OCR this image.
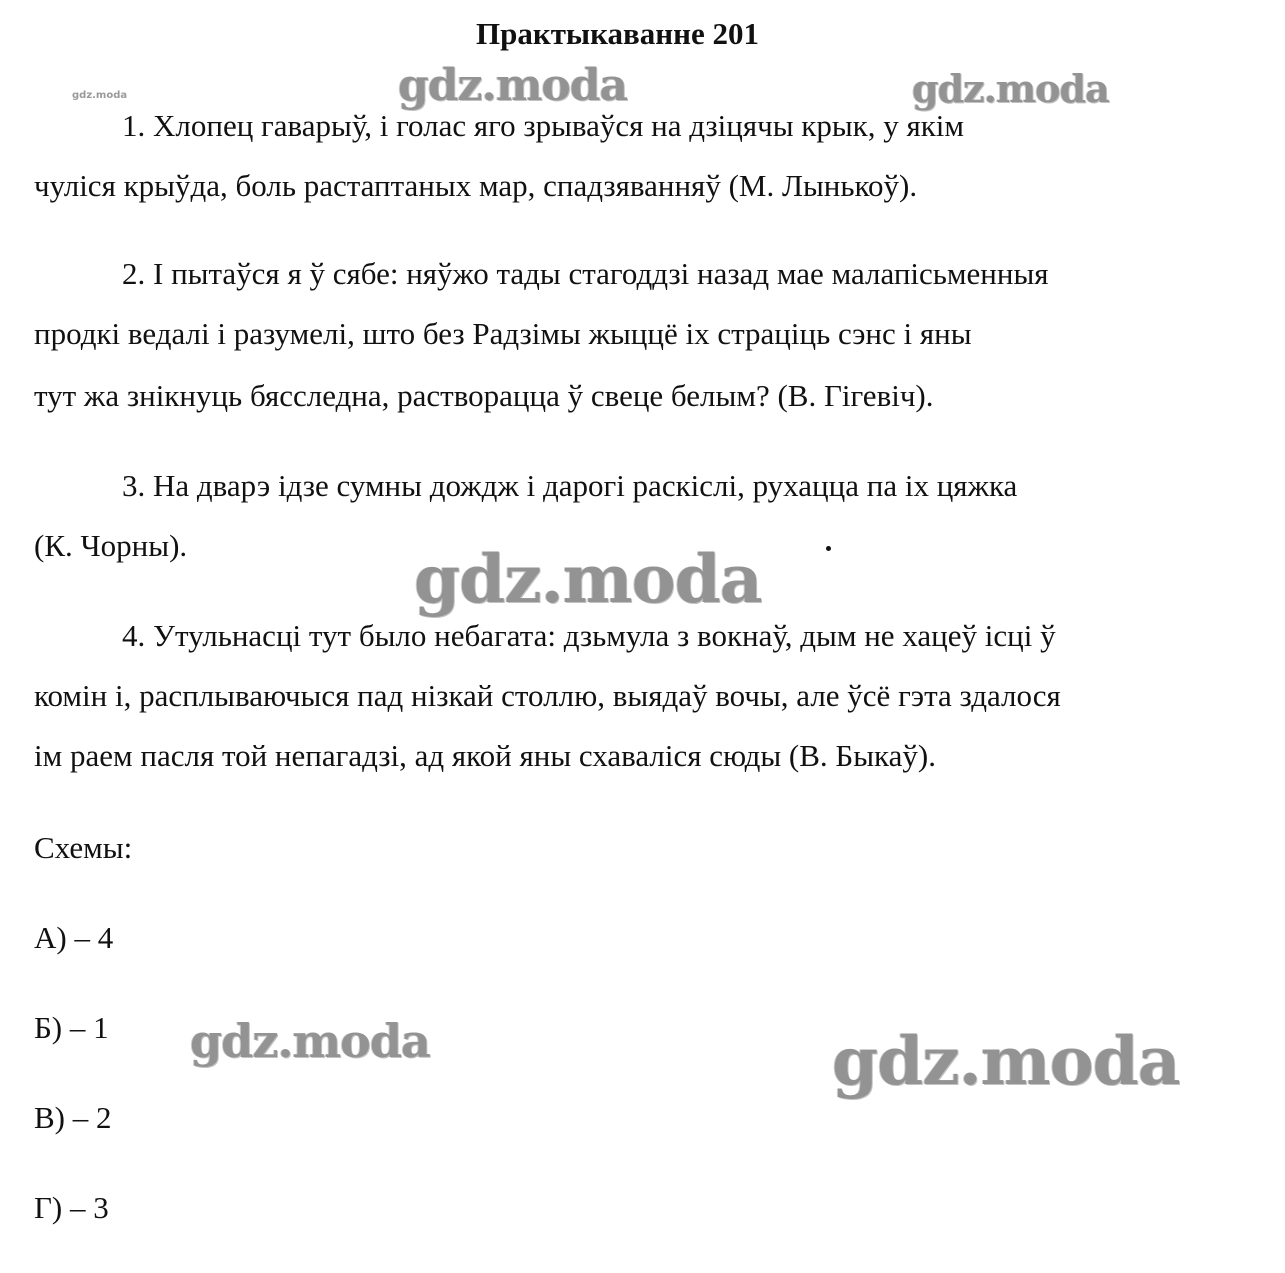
Практыкаванне 201
1. Хлопец гаварыў, і голас яго зрываўся на дзіцячы крык, у якім
чуліся крыўда, боль растаптаных мар, спадзяванняў (М. Лынькоў).
2. І пытаўся я ў сябе: няўжо тады стагоддзі назад мае малапісьменныя
продкі ведалі і разумелі, што без Радзімы жыццё іх страціць сэнс і яны
тут жа знікнуць бясследна, растворацца ў свеце белым? (В. Гігевіч).
3. На дварэ ідзе сумны дождж і дарогі раскіслі, рухацца па іх цяжка
(К. Чорны).
4. Утульнасці тут было небагата: дзьмула з вокнаў, дым не хацеў ісці ў
комін і, расплываючыся пад нізкай столлю, выядаў вочы, але ўсё гэта здалося
ім раем пасля той непагадзі, ад якой яны схаваліся сюды (В. Быкаў).
Схемы:
А) – 4
Б) – 1
В) – 2
Г) – 3
gdz.moda	gdz.moda	gdz.moda
gdz.moda
gdz.moda	gdz.moda
